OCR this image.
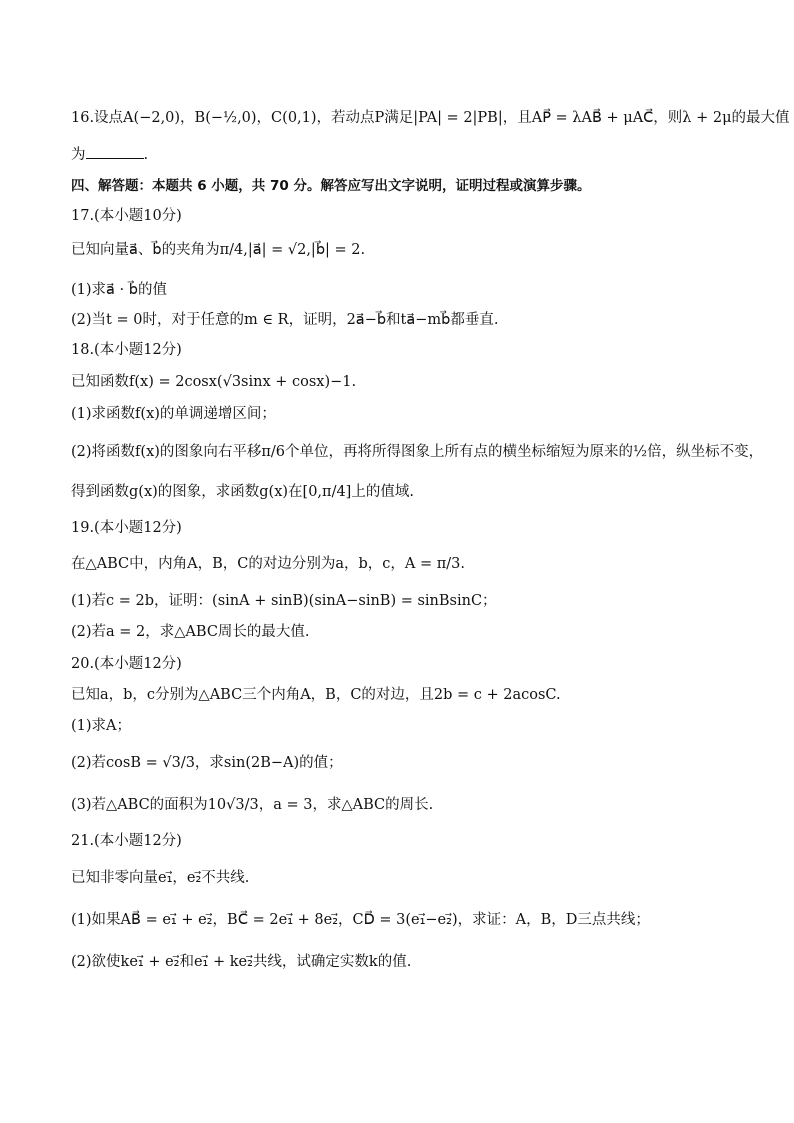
16.设点A(−2,0)，B(−½,0)，C(0,1)，若动点P满足|PA| = 2|PB|，且AP⃗ = λAB⃗ + μAC⃗，则λ + 2μ的最大值
为	.
四、解答题：本题共 6 小题，共 70 分。解答应写出文字说明，证明过程或演算步骤。
17.(本小题10分)
已知向量a⃗、b⃗的夹角为π/4,|a⃗| = √2,|b⃗| = 2.
(1)求a⃗ · b⃗的值
(2)当t = 0时，对于任意的m ∈ R，证明，2a⃗−b⃗和ta⃗−mb⃗都垂直.
18.(本小题12分)
已知函数f(x) = 2cosx(√3sinx + cosx)−1.
(1)求函数f(x)的单调递增区间；
(2)将函数f(x)的图象向右平移π/6个单位，再将所得图象上所有点的横坐标缩短为原来的½倍，纵坐标不变，
得到函数g(x)的图象，求函数g(x)在[0,π/4]上的值域.
19.(本小题12分)
在△ABC中，内角A，B，C的对边分别为a，b，c，A = π/3.
(1)若c = 2b，证明：(sinA + sinB)(sinA−sinB) = sinBsinC；
(2)若a = 2，求△ABC周长的最大值.
20.(本小题12分)
已知a，b，c分别为△ABC三个内角A，B，C的对边，且2b = c + 2acosC.
(1)求A；
(2)若cosB = √3/3，求sin(2B−A)的值；
(3)若△ABC的面积为10√3/3，a = 3，求△ABC的周长.
21.(本小题12分)
已知非零向量e₁⃗，e₂⃗不共线.
(1)如果AB⃗ = e₁⃗ + e₂⃗，BC⃗ = 2e₁⃗ + 8e₂⃗，CD⃗ = 3(e₁⃗−e₂⃗)，求证：A，B，D三点共线；
(2)欲使ke₁⃗ + e₂⃗和e₁⃗ + ke₂⃗共线，试确定实数k的值.
